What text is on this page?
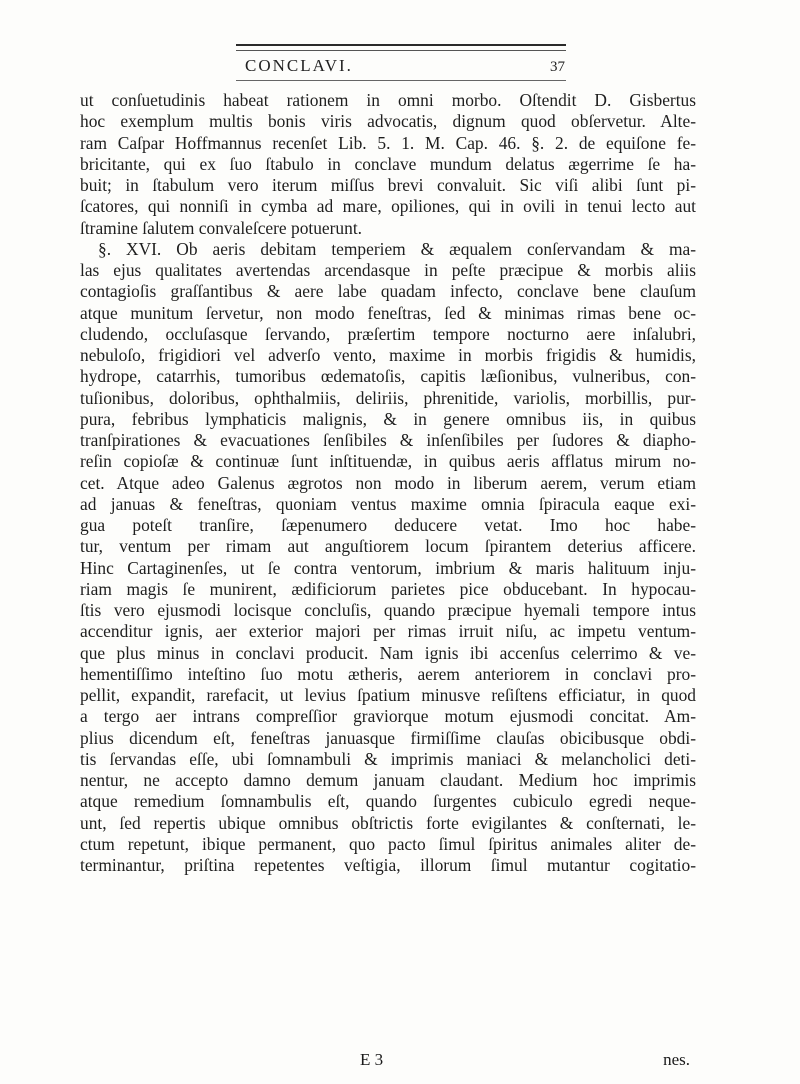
CONCLAVI.	37
ut conſuetudinis habeat rationem in omni morbo. Oſtendit D. Gisbertus
hoc exemplum multis bonis viris advocatis, dignum quod obſervetur. Alte-
ram Caſpar Hoffmannus recenſet Lib. 5. 1. M. Cap. 46. §. 2. de equiſone fe-
bricitante, qui ex ſuo ſtabulo in conclave mundum delatus ægerrime ſe ha-
buit; in ſtabulum vero iterum miſſus brevi convaluit. Sic viſi alibi ſunt pi-
ſcatores, qui nonniſi in cymba ad mare, opiliones, qui in ovili in tenui lecto aut
ſtramine ſalutem convaleſcere potuerunt.
§. XVI. Ob aeris debitam temperiem & æqualem conſervandam & ma-
las ejus qualitates avertendas arcendasque in peſte præcipue & morbis aliis
contagioſis graſſantibus & aere labe quadam infecto, conclave bene clauſum
atque munitum ſervetur, non modo feneſtras, ſed & minimas rimas bene oc-
cludendo, occluſasque ſervando, præſertim tempore nocturno aere inſalubri,
nebuloſo, frigidiori vel adverſo vento, maxime in morbis frigidis & humidis,
hydrope, catarrhis, tumoribus œdematoſis, capitis læſionibus, vulneribus, con-
tuſionibus, doloribus, ophthalmiis, deliriis, phrenitide, variolis, morbillis, pur-
pura, febribus lymphaticis malignis, & in genere omnibus iis, in quibus
tranſpirationes & evacuationes ſenſibiles & inſenſibiles per ſudores & diapho-
reſin copioſæ & continuæ ſunt inſtituendæ, in quibus aeris afflatus mirum no-
cet. Atque adeo Galenus ægrotos non modo in liberum aerem, verum etiam
ad januas & feneſtras, quoniam ventus maxime omnia ſpiracula eaque exi-
gua poteſt tranſire, ſæpenumero deducere vetat. Imo hoc habe-
tur, ventum per rimam aut anguſtiorem locum ſpirantem deterius afficere.
Hinc Cartaginenſes, ut ſe contra ventorum, imbrium & maris halituum inju-
riam magis ſe munirent, ædificiorum parietes pice obducebant. In hypocau-
ſtis vero ejusmodi locisque concluſis, quando præcipue hyemali tempore intus
accenditur ignis, aer exterior majori per rimas irruit niſu, ac impetu ventum-
que plus minus in conclavi producit. Nam ignis ibi accenſus celerrimo & ve-
hementiſſimo inteſtino ſuo motu ætheris, aerem anteriorem in conclavi pro-
pellit, expandit, rarefacit, ut levius ſpatium minusve reſiſtens efficiatur, in quod
a tergo aer intrans compreſſior graviorque motum ejusmodi concitat. Am-
plius dicendum eſt, feneſtras januasque firmiſſime clauſas obicibusque obdi-
tis ſervandas eſſe, ubi ſomnambuli & imprimis maniaci & melancholici deti-
nentur, ne accepto damno demum januam claudant. Medium hoc imprimis
atque remedium ſomnambulis eſt, quando ſurgentes cubiculo egredi neque-
unt, ſed repertis ubique omnibus obſtrictis forte evigilantes & conſternati, le-
ctum repetunt, ibique permanent, quo pacto ſimul ſpiritus animales aliter de-
terminantur, priſtina repetentes veſtigia, illorum ſimul mutantur cogitatio-
E 3	nes.
